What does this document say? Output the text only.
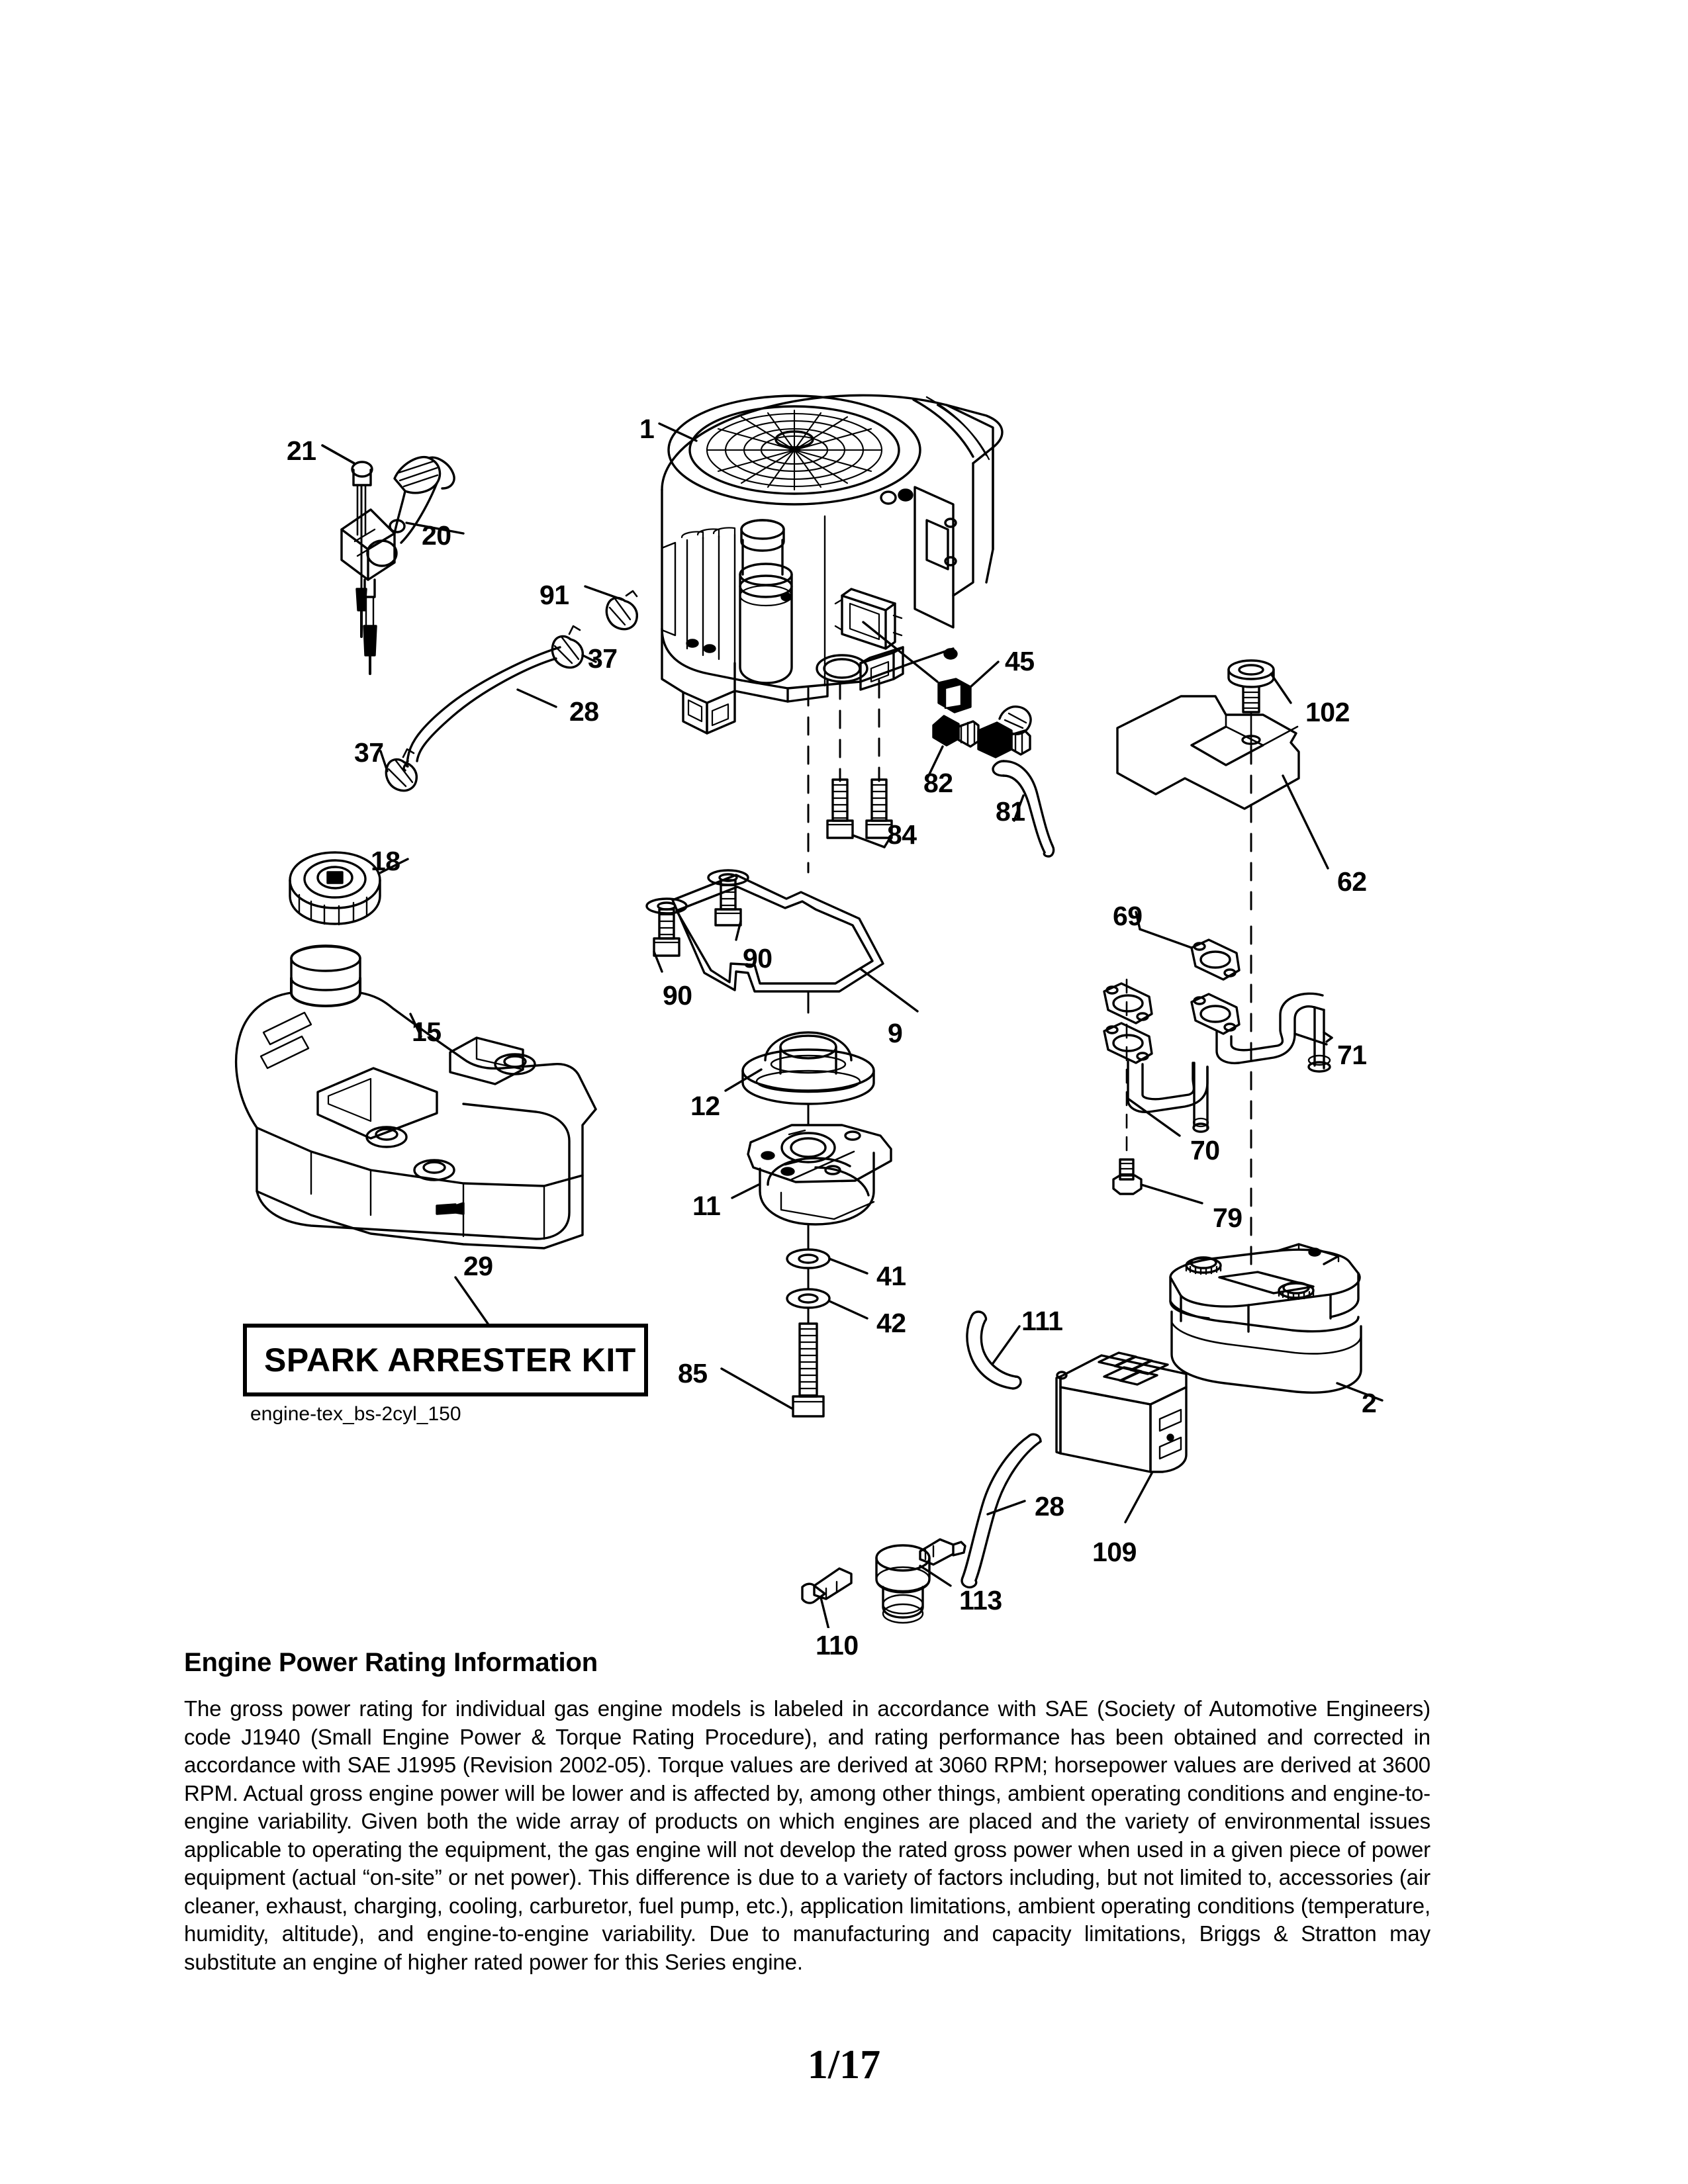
1
21
20
91
37
28
37
45
82
81
84
102
62
18
15
90
90
9
12
11
41
42
85
69
71
70
79
2
111
28
109
113
110
29
SPARK ARRESTER KIT
engine-tex_bs-2cyl_150
Engine Power Rating Information

The gross power rating for individual gas engine models is labeled in accordance with SAE (Society of Automotive Engineers) code J1940 (Small Engine Power & Torque Rating Procedure), and rating performance has been obtained and corrected in accordance with SAE J1995 (Revision 2002-05). Torque values are derived at 3060 RPM; horsepower values are derived at 3600 RPM. Actual gross engine power will be lower and is affected by, among other things, ambient operating conditions and engine-to-engine variability. Given both the wide array of products on which engines are placed and the variety of environmental issues applicable to operating the equipment, the gas engine will not develop the rated gross power when used in a given piece of power equipment (actual “on-site” or net power). This difference is due to a variety of factors including, but not limited to, accessories (air cleaner, exhaust, charging, cooling, carburetor, fuel pump, etc.), application limitations, ambient operating conditions (temperature, humidity, altitude), and engine-to-engine variability. Due to manufacturing and capacity limitations, Briggs & Stratton may substitute an engine of higher rated power for this Series engine.

1/17
